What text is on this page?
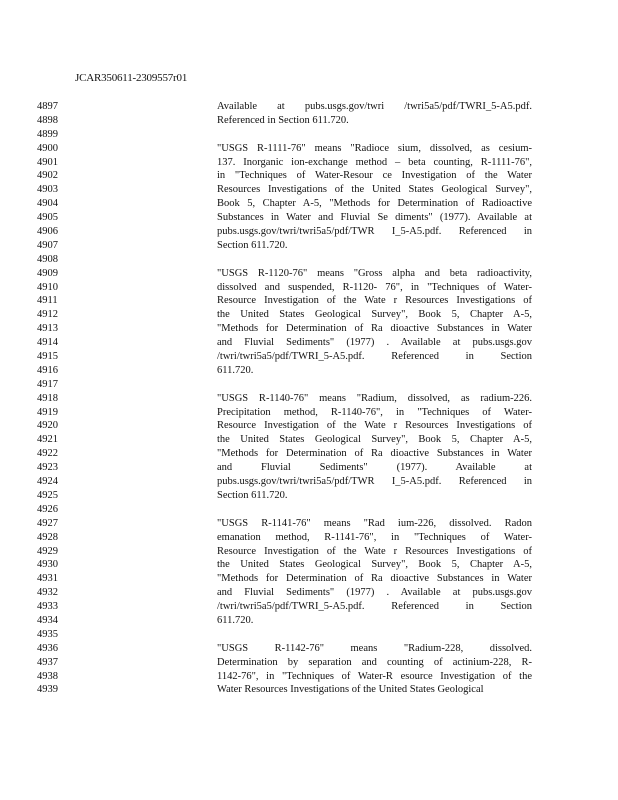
JCAR350611-2309557r01
4897
4898
4899
4900
4901
4902
4903
4904
4905
4906
4907
4908
4909
4910
4911
4912
4913
4914
4915
4916
4917
4918
4919
4920
4921
4922
4923
4924
4925
4926
4927
4928
4929
4930
4931
4932
4933
4934
4935
4936
4937
4938
4939
Available at pubs.usgs.gov/twri /twri5a5/pdf/TWRI_5-A5.pdf.
Referenced in Section 611.720.
"USGS R-1111-76" means "Radioce sium, dissolved, as cesium-
137. Inorganic ion-exchange method – beta counting, R-1111-76",
in "Techniques of Water-Resour ce Investigation of the Water
Resources Investigations of the United States Geological Survey",
Book 5, Chapter A-5, "Methods for Determination of Radioactive
Substances in Water and Fluvial Se diments" (1977). Available at
pubs.usgs.gov/twri/twri5a5/pdf/TWR I_5-A5.pdf. Referenced in
Section 611.720.
"USGS R-1120-76" means "Gross alpha and beta radioactivity,
dissolved and suspended, R-1120- 76", in "Techniques of Water-
Resource Investigation of the Wate r Resources Investigations of
the United States Geological Survey", Book 5, Chapter A-5,
"Methods for Determination of Ra dioactive Substances in Water
and Fluvial Sediments" (1977) . Available at pubs.usgs.gov
/twri/twri5a5/pdf/TWRI_5-A5.pdf. Referenced in Section
611.720.
"USGS R-1140-76" means "Radium, dissolved, as radium-226.
Precipitation method, R-1140-76", in "Techniques of Water-
Resource Investigation of the Wate r Resources Investigations of
the United States Geological Survey", Book 5, Chapter A-5,
"Methods for Determination of Ra dioactive Substances in Water
and Fluvial Sediments" (1977). Available at
pubs.usgs.gov/twri/twri5a5/pdf/TWR I_5-A5.pdf. Referenced in
Section 611.720.
"USGS R-1141-76" means "Rad ium-226, dissolved. Radon
emanation method, R-1141-76", in "Techniques of Water-
Resource Investigation of the Wate r Resources Investigations of
the United States Geological Survey", Book 5, Chapter A-5,
"Methods for Determination of Ra dioactive Substances in Water
and Fluvial Sediments" (1977) . Available at pubs.usgs.gov
/twri/twri5a5/pdf/TWRI_5-A5.pdf. Referenced in Section
611.720.
"USGS R-1142-76" means "Radium-228, dissolved.
Determination by separation and counting of actinium-228, R-
1142-76", in "Techniques of Water-R esource Investigation of the
Water Resources Investigations of the United States Geological
